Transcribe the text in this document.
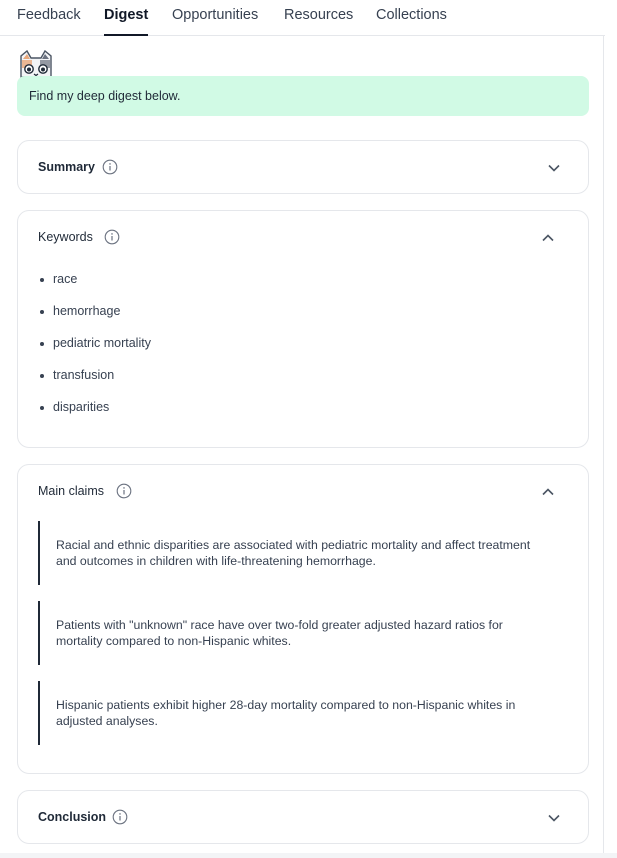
Feedback Digest Opportunities Resources Collections
Find my deep digest below.
Summary
Keywords
race
hemorrhage
pediatric mortality
transfusion
disparities
Main claims
Racial and ethnic disparities are associated with pediatric mortality and affect treatment
and outcomes in children with life-threatening hemorrhage.
Patients with "unknown" race have over two-fold greater adjusted hazard ratios for
mortality compared to non-Hispanic whites.
Hispanic patients exhibit higher 28-day mortality compared to non-Hispanic whites in
adjusted analyses.
Conclusion
